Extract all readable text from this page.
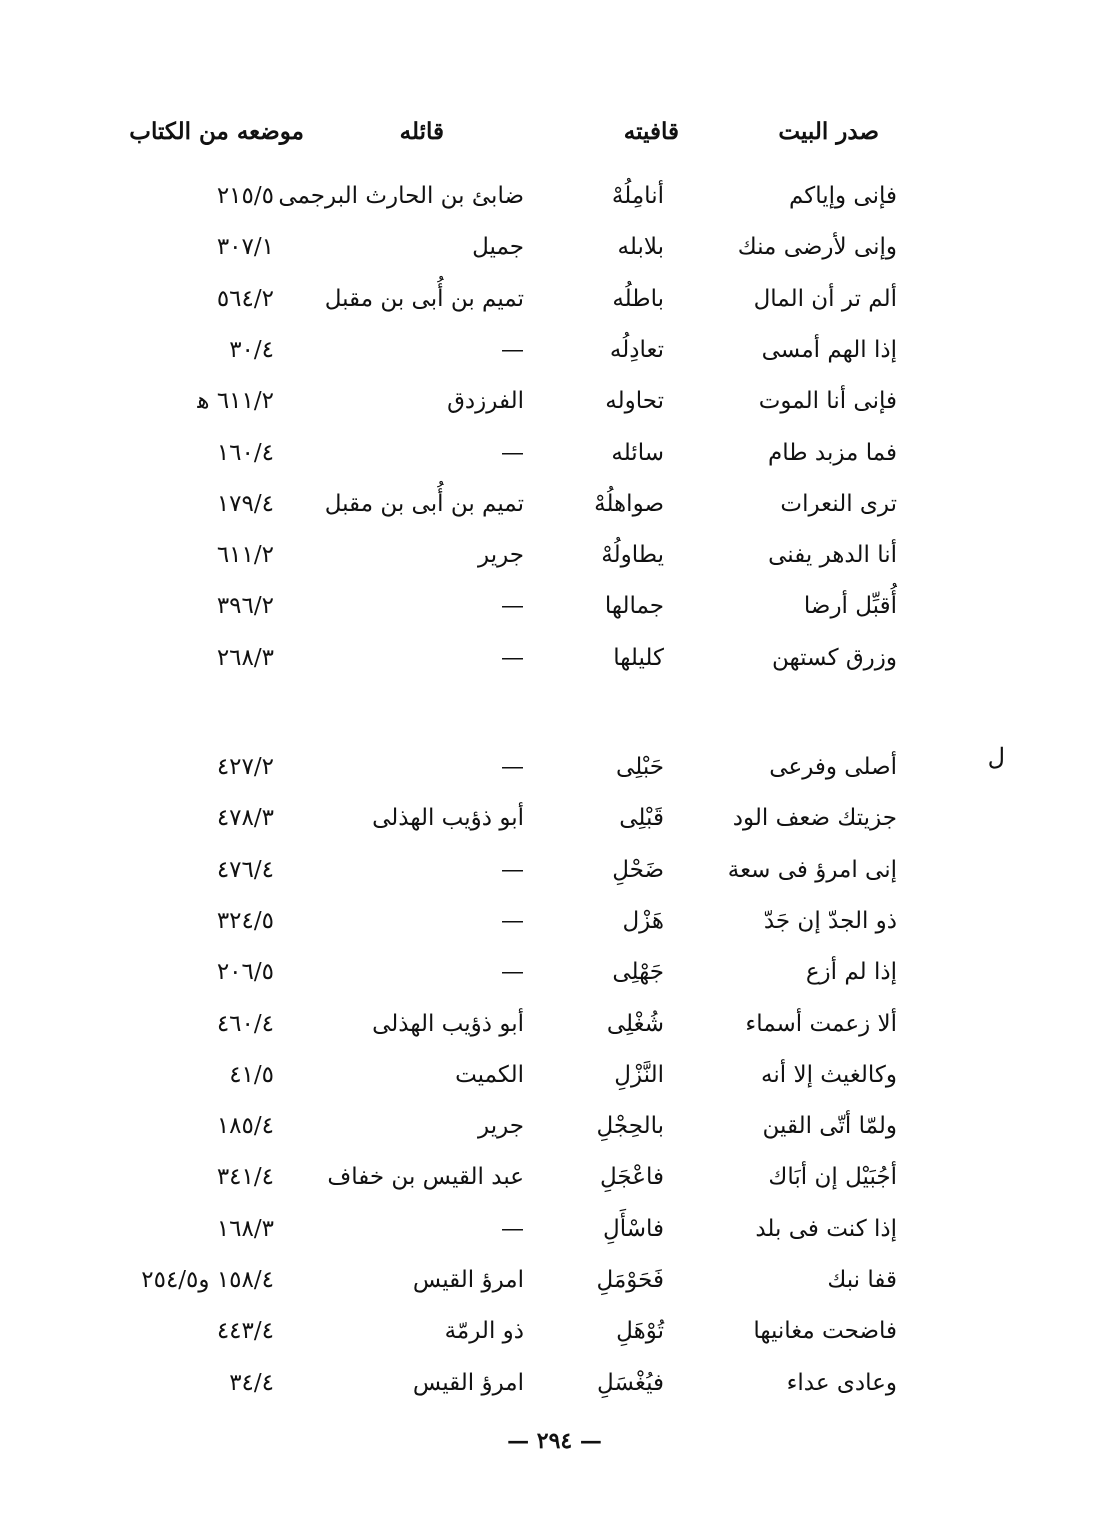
صدر البيت
قافيته
قائله
موضعه من الكتاب
فإنى وإياكم
أنامِلُهْ
ضابئ بن الحارث البرجمى
٢١٥/٥
وإنى لأرضى منك
بلابله
جميل
٣٠٧/١
ألم تر أن المال
باطلُه
تميم بن أُبى بن مقبل
٥٦٤/٢
إذا الهم أمسى
تعادِلُه
—
٣٠/٤
فإنى أنا الموت
تحاوله
الفرزدق
٦١١/٢ ﻫ
فما مزبد طام
سائله
—
١٦٠/٤
ترى النعرات
صواهلُهْ
تميم بن أُبى بن مقبل
١٧٩/٤
أنا الدهر يفنى
يطاولُهْ
جرير
٦١١/٢
أُقبِّل أرضا
جمالها
—
٣٩٦/٢
وزرق كستهن
كليلها
—
٢٦٨/٣
ل
أصلى وفرعى
حَبْلِى
—
٤٢٧/٢
جزيتك ضعف الود
قَبْلِى
أبو ذؤيب الهذلى
٤٧٨/٣
إنى امرؤ فى سعة
ضَحْلِ
—
٤٧٦/٤
ذو الجدّ إن جَدّ
هَزْل
—
٣٢٤/٥
إذا لم أزع
جَهْلِى
—
٢٠٦/٥
ألا زعمت أسماء
شُغْلِى
أبو ذؤيب الهذلى
٤٦٠/٤
وكالغيث إلا أنه
النَّزْلِ
الكميت
٤١/٥
ولمّا أتّى القين
بالحِجْلِ
جرير
١٨٥/٤
أجُبَيْل إن أبَاك
فاعْجَلِ
عبد القيس بن خفاف
٣٤١/٤
إذا كنت فى بلد
فاسْأَلِ
—
١٦٨/٣
قفا نبك
فَحَوْمَلِ
امرؤ القيس
١٥٨/٤ و٢٥٤/٥
فاضحت مغانيها
تُوْهَلِ
ذو الرمّة
٤٤٣/٤
وعادى عداء
فيُغْسَلِ
امرؤ القيس
٣٤/٤
— ٢٩٤ —
